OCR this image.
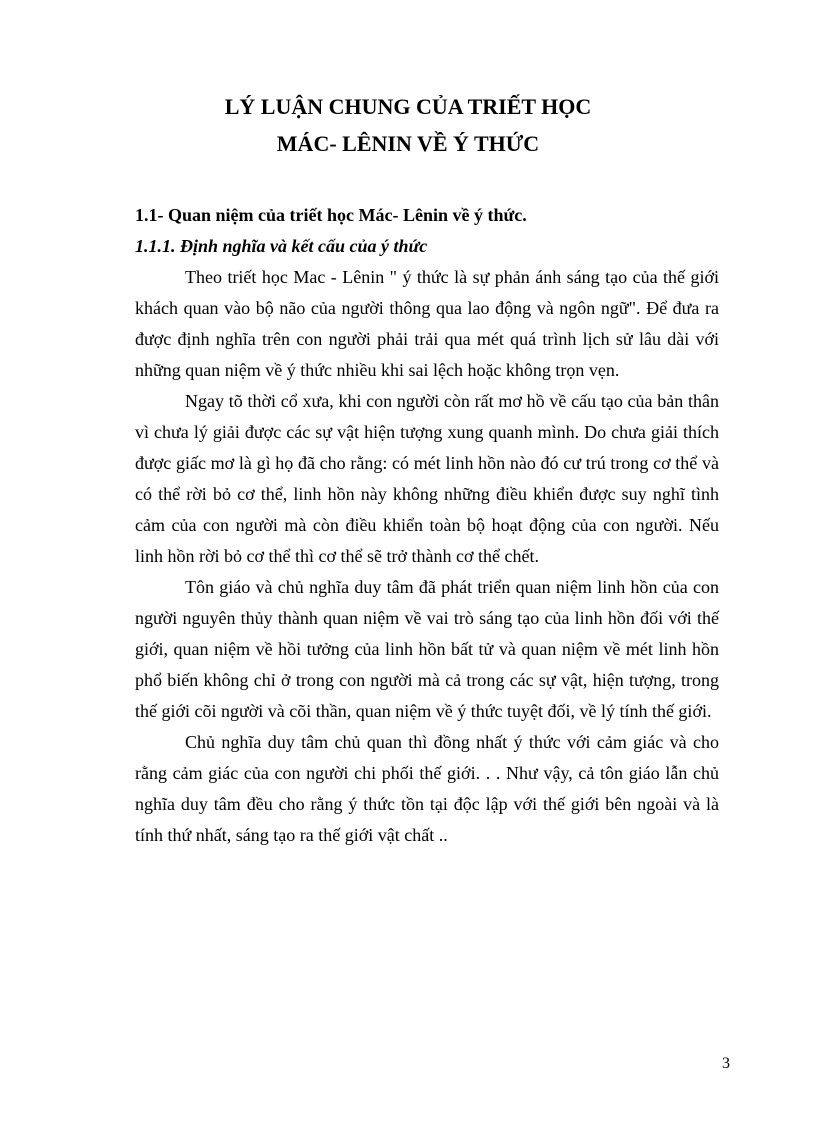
LÝ LUẬN CHUNG CỦA TRIẾT HỌC
MÁC- LÊNIN VỀ Ý THỨC
1.1- Quan niệm của triết học Mác- Lênin về ý thức.
1.1.1. Định nghĩa và kết cấu của ý thức

Theo triết học Mac - Lênin " ý thức là sự phản ánh sáng tạo của thế giới khách quan vào bộ não của người thông qua lao động và ngôn ngữ". Để đưa ra được định nghĩa trên con người phải trải qua mét quá trình lịch sử lâu dài với những quan niệm về ý thức nhiều khi sai lệch hoặc không trọn vẹn.

Ngay tõ thời cổ xưa, khi con người còn rất mơ hồ về cấu tạo của bản thân vì chưa lý giải được các sự vật hiện tượng xung quanh mình. Do chưa giải thích được giấc mơ là gì họ đã cho rằng: có mét linh hồn nào đó cư trú trong cơ thể và có thể rời bỏ cơ thể, linh hồn này không những điều khiển được suy nghĩ tình cảm của con người mà còn điều khiển toàn bộ hoạt động của con người. Nếu linh hồn rời bỏ cơ thể thì cơ thể sẽ trở thành cơ thể chết.

Tôn giáo và chủ nghĩa duy tâm đã phát triển quan niệm linh hồn của con người nguyên thủy thành quan niệm về vai trò sáng tạo của linh hồn đối với thế giới, quan niệm về hồi tưởng của linh hồn bất tử và quan niệm về mét linh hồn phổ biến không chỉ ở trong con người mà cả trong các sự vật, hiện tượng, trong thế giới cõi người và cõi thần, quan niệm về ý thức tuyệt đối, về lý tính thế giới.

Chủ nghĩa duy tâm chủ quan thì đồng nhất ý thức với cảm giác và cho rằng cảm giác của con người chi phối thế giới. . . Như vậy, cả tôn giáo lẫn chủ nghĩa duy tâm đều cho rằng ý thức tồn tại độc lập với thế giới bên ngoài và là tính thứ nhất, sáng tạo ra thế giới vật chất ..

3
